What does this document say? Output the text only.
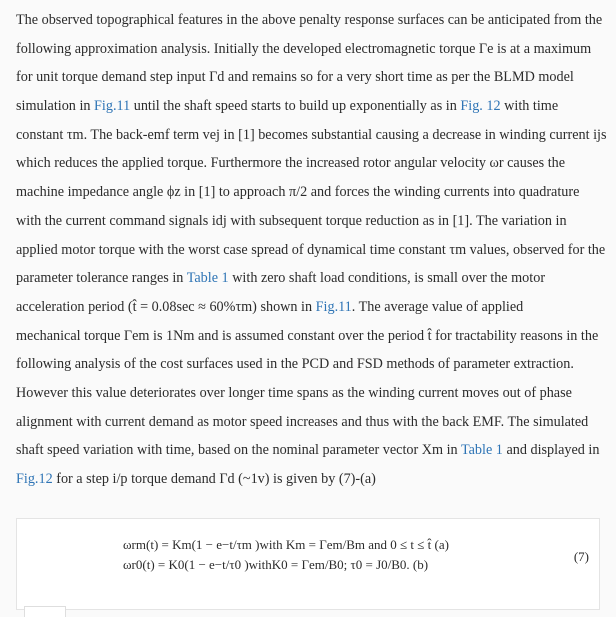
The observed topographical features in the above penalty response surfaces can be anticipated from the
following approximation analysis. Initially the developed electromagnetic torque Γe is at a maximum
for unit torque demand step input Γd and remains so for a very short time as per the BLMD model
simulation in Fig.11 until the shaft speed starts to build up exponentially as in Fig. 12 with time
constant τm. The back-emf term vej in [1] becomes substantial causing a decrease in winding current ijs
which reduces the applied torque. Furthermore the increased rotor angular velocity ωr causes the
machine impedance angle ϕz in [1] to approach π/2 and forces the winding currents into quadrature
with the current command signals idj with subsequent torque reduction as in [1]. The variation in
applied motor torque with the worst case spread of dynamical time constant τm values, observed for the
parameter tolerance ranges in Table 1 with zero shaft load conditions, is small over the motor
acceleration period (t̂ = 0.08sec ≈ 60%τm) shown in Fig.11. The average value of applied
mechanical torque Γem is 1Nm and is assumed constant over the period t̂ for tractability reasons in the
following analysis of the cost surfaces used in the PCD and FSD methods of parameter extraction.
However this value deteriorates over longer time spans as the winding current moves out of phase
alignment with current demand as motor speed increases and thus with the back EMF. The simulated
shaft speed variation with time, based on the nominal parameter vector Xm in Table 1 and displayed in
Fig.12 for a step i/p torque demand Γd (~1v) is given by (7)-(a)
ωrm(t) = Km(1 − e−t/τm )with Km = Γem/Bm and 0 ≤ t ≤ t̂ (a)
ωr0(t) = K0(1 − e−t/τ0 )withK0 = Γem/B0; τ0 = J0/B0. (b)
(7)
